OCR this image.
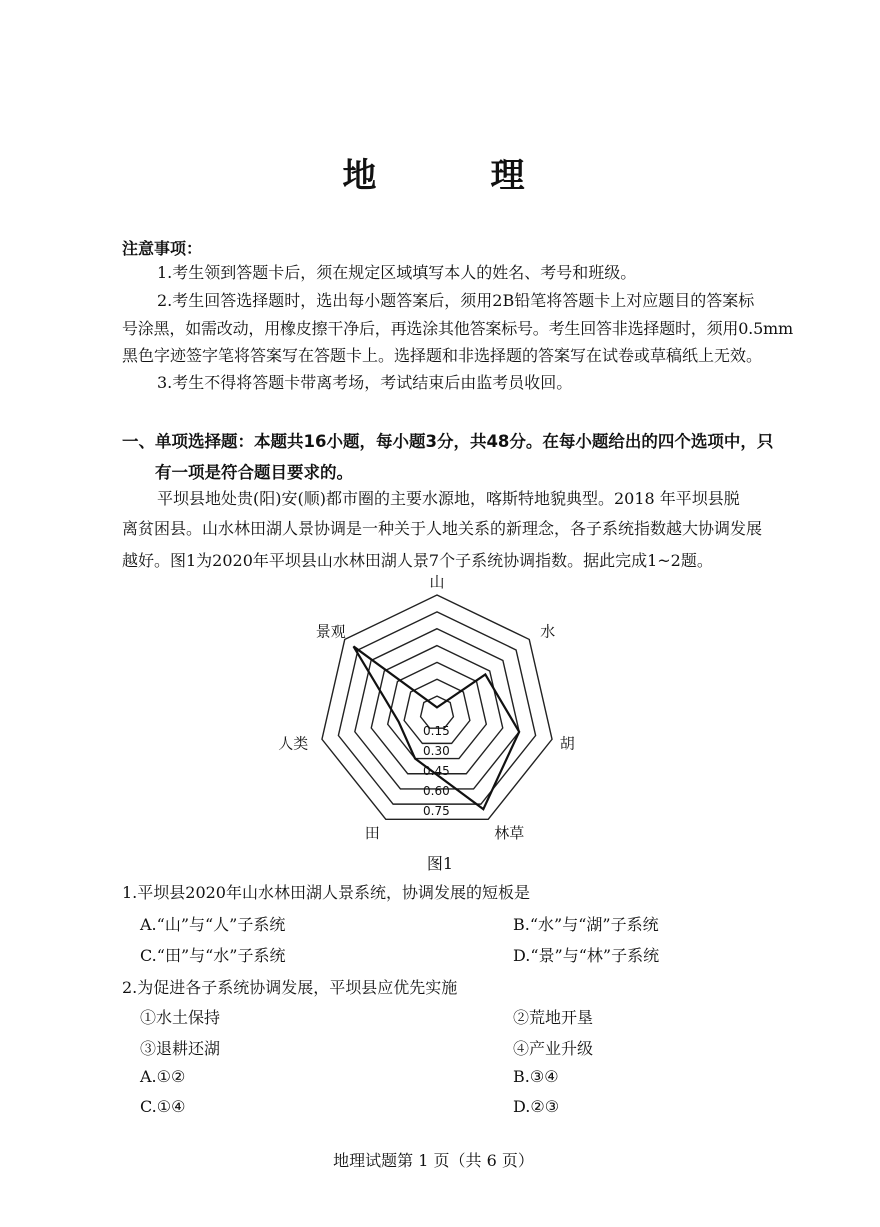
地　理
注意事项：
1.考生领到答题卡后，须在规定区域填写本人的姓名、考号和班级。
2.考生回答选择题时，选出每小题答案后，须用2B铅笔将答题卡上对应题目的答案标
号涂黑，如需改动，用橡皮擦干净后，再选涂其他答案标号。考生回答非选择题时，须用0.5mm
黑色字迹签字笔将答案写在答题卡上。选择题和非选择题的答案写在试卷或草稿纸上无效。
3.考生不得将答题卡带离考场，考试结束后由监考员收回。
一、单项选择题：本题共16小题，每小题3分，共48分。在每小题给出的四个选项中，只
有一项是符合题目要求的。
平坝县地处贵(阳)安(顺)都市圈的主要水源地，喀斯特地貌典型。2018 年平坝县脱
离贫困县。山水林田湖人景协调是一种关于人地关系的新理念，各子系统指数越大协调发展
越好。图1为2020年平坝县山水林田湖人景7个子系统协调指数。据此完成1~2题。
0.15
0.30
0.45
0.60
0.75
山
水
胡
林草
田
人类
景观
图1
1.平坝县2020年山水林田湖人景系统，协调发展的短板是
A.“山”与“人”子系统	B.“水”与“湖”子系统
C.“田”与“水”子系统	D.“景”与“林”子系统
2.为促进各子系统协调发展，平坝县应优先实施
①水土保持	②荒地开垦
③退耕还湖	④产业升级
A.①②	B.③④
C.①④	D.②③
地理试题第 1 页（共 6 页）
